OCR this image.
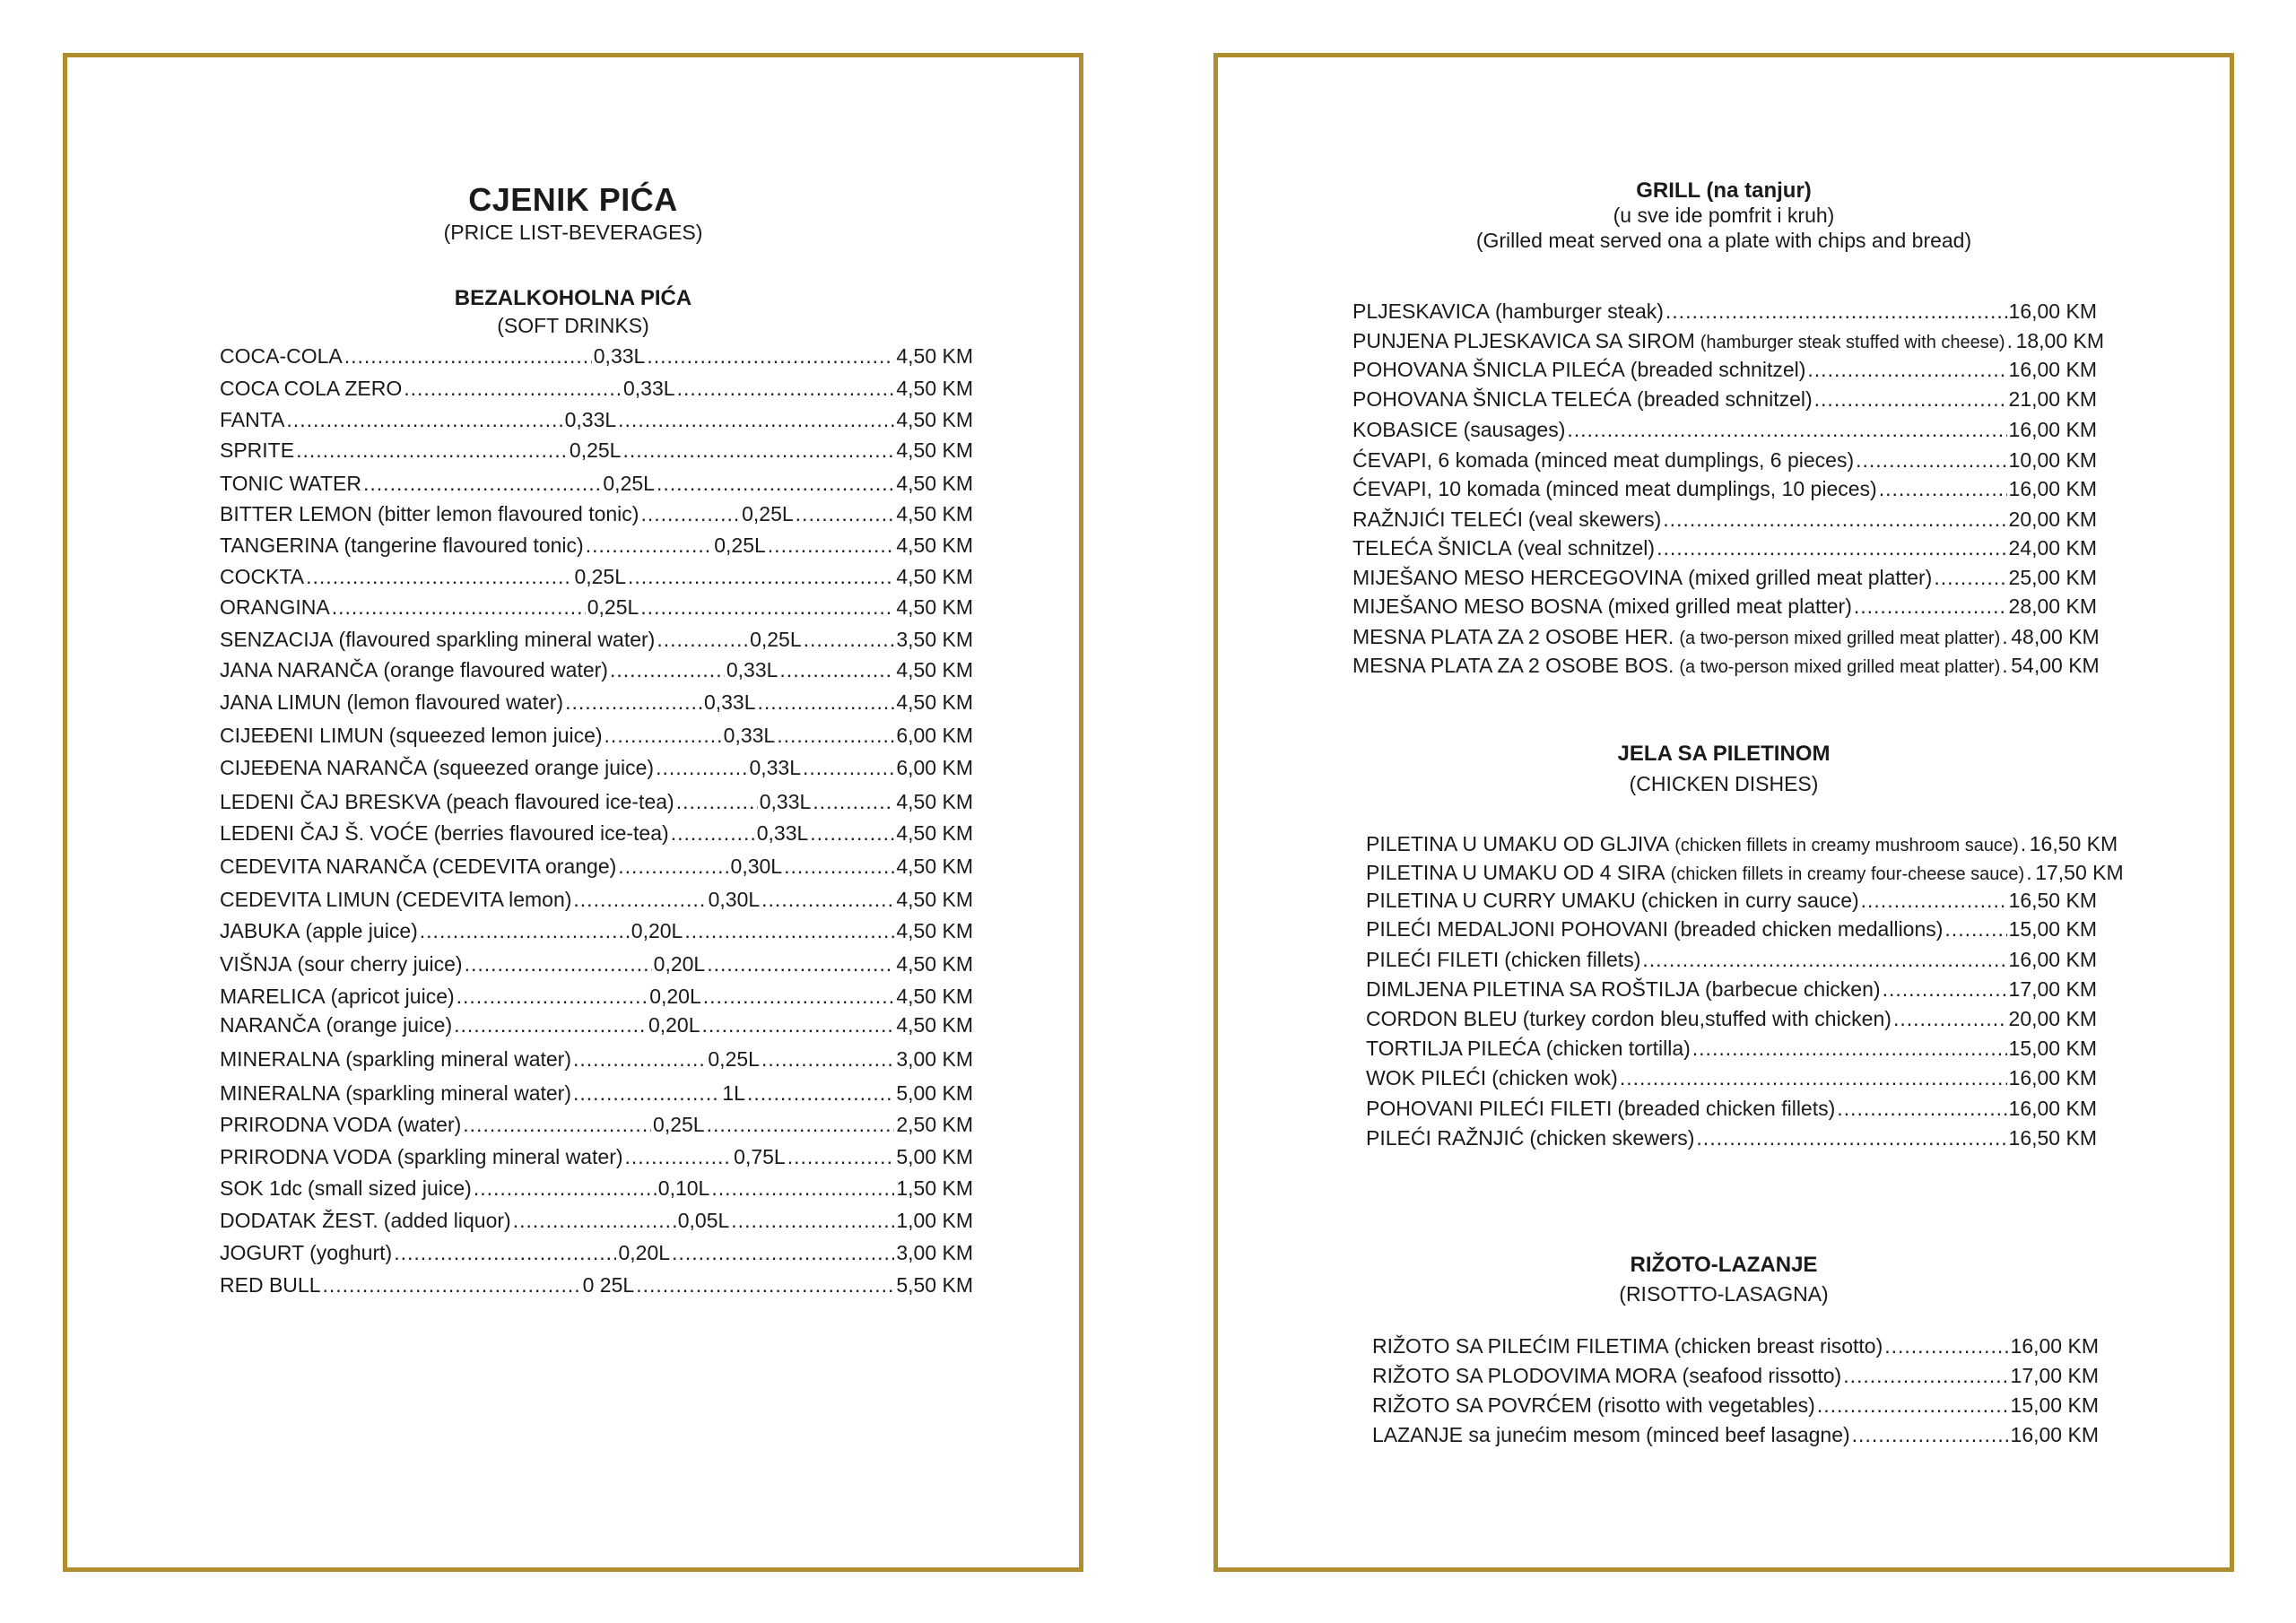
CJENIK PIĆA
(PRICE LIST-BEVERAGES)
BEZALKOHOLNA PIĆA
(SOFT DRINKS)
COCA-COLA .....	0,33L .....	4,50 KM
COCA COLA ZERO .....	0,33L .....	4,50 KM
FANTA .....	0,33L .....	4,50 KM
SPRITE .....	0,25L .....	4,50 KM
TONIC WATER .....	0,25L .....	4,50 KM
BITTER LEMON (bitter lemon flavoured tonic) .....	0,25L .....	4,50 KM
TANGERINA (tangerine flavoured tonic) .....	0,25L .....	4,50 KM
COCKTA .....	0,25L .....	4,50 KM
ORANGINA .....	0,25L .....	4,50 KM
SENZACIJA (flavoured sparkling mineral water) .....	0,25L .....	3,50 KM
JANA NARANČA (orange flavoured water) .....	0,33L .....	4,50 KM
JANA LIMUN (lemon flavoured water) .....	0,33L .....	4,50 KM
CIJEĐENI LIMUN (squeezed lemon juice) .....	0,33L .....	6,00 KM
CIJEĐENA NARANČA (squeezed orange juice) .....	0,33L .....	6,00 KM
LEDENI ČAJ BRESKVA (peach flavoured ice-tea) .....	0,33L .....	4,50 KM
LEDENI ČAJ Š. VOĆE (berries flavoured ice-tea) .....	0,33L .....	4,50 KM
CEDEVITA NARANČA (CEDEVITA orange) .....	0,30L .....	4,50 KM
CEDEVITA LIMUN (CEDEVITA lemon) .....	0,30L .....	4,50 KM
JABUKA (apple juice) .....	0,20L .....	4,50 KM
VIŠNJA (sour cherry juice) .....	0,20L .....	4,50 KM
MARELICA (apricot juice) .....	0,20L .....	4,50 KM
NARANČA (orange juice) .....	0,20L .....	4,50 KM
MINERALNA (sparkling mineral water) .....	0,25L .....	3,00 KM
MINERALNA (sparkling mineral water) .....	1L .....	5,00 KM
PRIRODNA VODA (water) .....	0,25L .....	2,50 KM
PRIRODNA VODA (sparkling mineral water) .....	0,75L .....	5,00 KM
SOK 1dc (small sized juice) .....	0,10L .....	1,50 KM
DODATAK ŽEST. (added liquor) .....	0,05L .....	1,00 KM
JOGURT (yoghurt) .....	0,20L .....	3,00 KM
RED BULL .....	0 25L .....	5,50 KM
GRILL (na tanjur)
(u sve ide pomfrit i kruh)
(Grilled meat served ona a plate with chips and bread)
PLJESKAVICA (hamburger steak) .....	16,00 KM
PUNJENA PLJESKAVICA SA SIROM (hamburger steak stuffed with cheese) ..... 18,00 KM
POHOVANA ŠNICLA PILEĆA (breaded schnitzel) .....	16,00 KM
POHOVANA ŠNICLA TELEĆA (breaded schnitzel) .....	21,00 KM
KOBASICE (sausages) .....	16,00 KM
ĆEVAPI, 6 komada (minced meat dumplings, 6 pieces) .....	10,00 KM
ĆEVAPI, 10 komada (minced meat dumplings, 10 pieces) .....	16,00 KM
RAŽNJIĆI TELEĆI (veal skewers) .....	20,00 KM
TELEĆA ŠNICLA (veal schnitzel) .....	24,00 KM
MIJEŠANO MESO HERCEGOVINA (mixed grilled meat platter) .....	25,00 KM
MIJEŠANO MESO BOSNA (mixed grilled meat platter) .....	28,00 KM
MESNA PLATA ZA 2 OSOBE HER. (a two-person mixed grilled meat platter) ..... 48,00 KM
MESNA PLATA ZA 2 OSOBE BOS. (a two-person mixed grilled meat platter) ..... 54,00 KM
JELA SA PILETINOM
(CHICKEN DISHES)
PILETINA U UMAKU OD GLJIVA (chicken fillets in creamy mushroom sauce) ..... 16,50 KM
PILETINA U UMAKU OD 4 SIRA (chicken fillets in creamy four-cheese sauce) ..... 17,50 KM
PILETINA U CURRY UMAKU (chicken in curry sauce) .....	16,50 KM
PILEĆI MEDALJONI POHOVANI (breaded chicken medallions) .....	15,00 KM
PILEĆI FILETI (chicken fillets) .....	16,00 KM
DIMLJENA PILETINA SA ROŠTILJA (barbecue chicken) .....	17,00 KM
CORDON BLEU (turkey cordon bleu,stuffed with chicken) .....	20,00 KM
TORTILJA PILEĆA (chicken tortilla) .....	15,00 KM
WOK PILEĆI (chicken wok) .....	16,00 KM
POHOVANI PILEĆI FILETI (breaded chicken fillets) .....	16,00 KM
PILEĆI RAŽNJIĆ (chicken skewers) .....	16,50 KM
RIŽOTO-LAZANJE
(RISOTTO-LASAGNA)
RIŽOTO SA PILEĆIM FILETIMA (chicken breast risotto) .....	16,00 KM
RIŽOTO SA PLODOVIMA MORA (seafood rissotto) .....	17,00 KM
RIŽOTO SA POVRĆEM (risotto with vegetables) .....	15,00 KM
LAZANJE sa junećim mesom (minced beef lasagne) .....	16,00 KM
